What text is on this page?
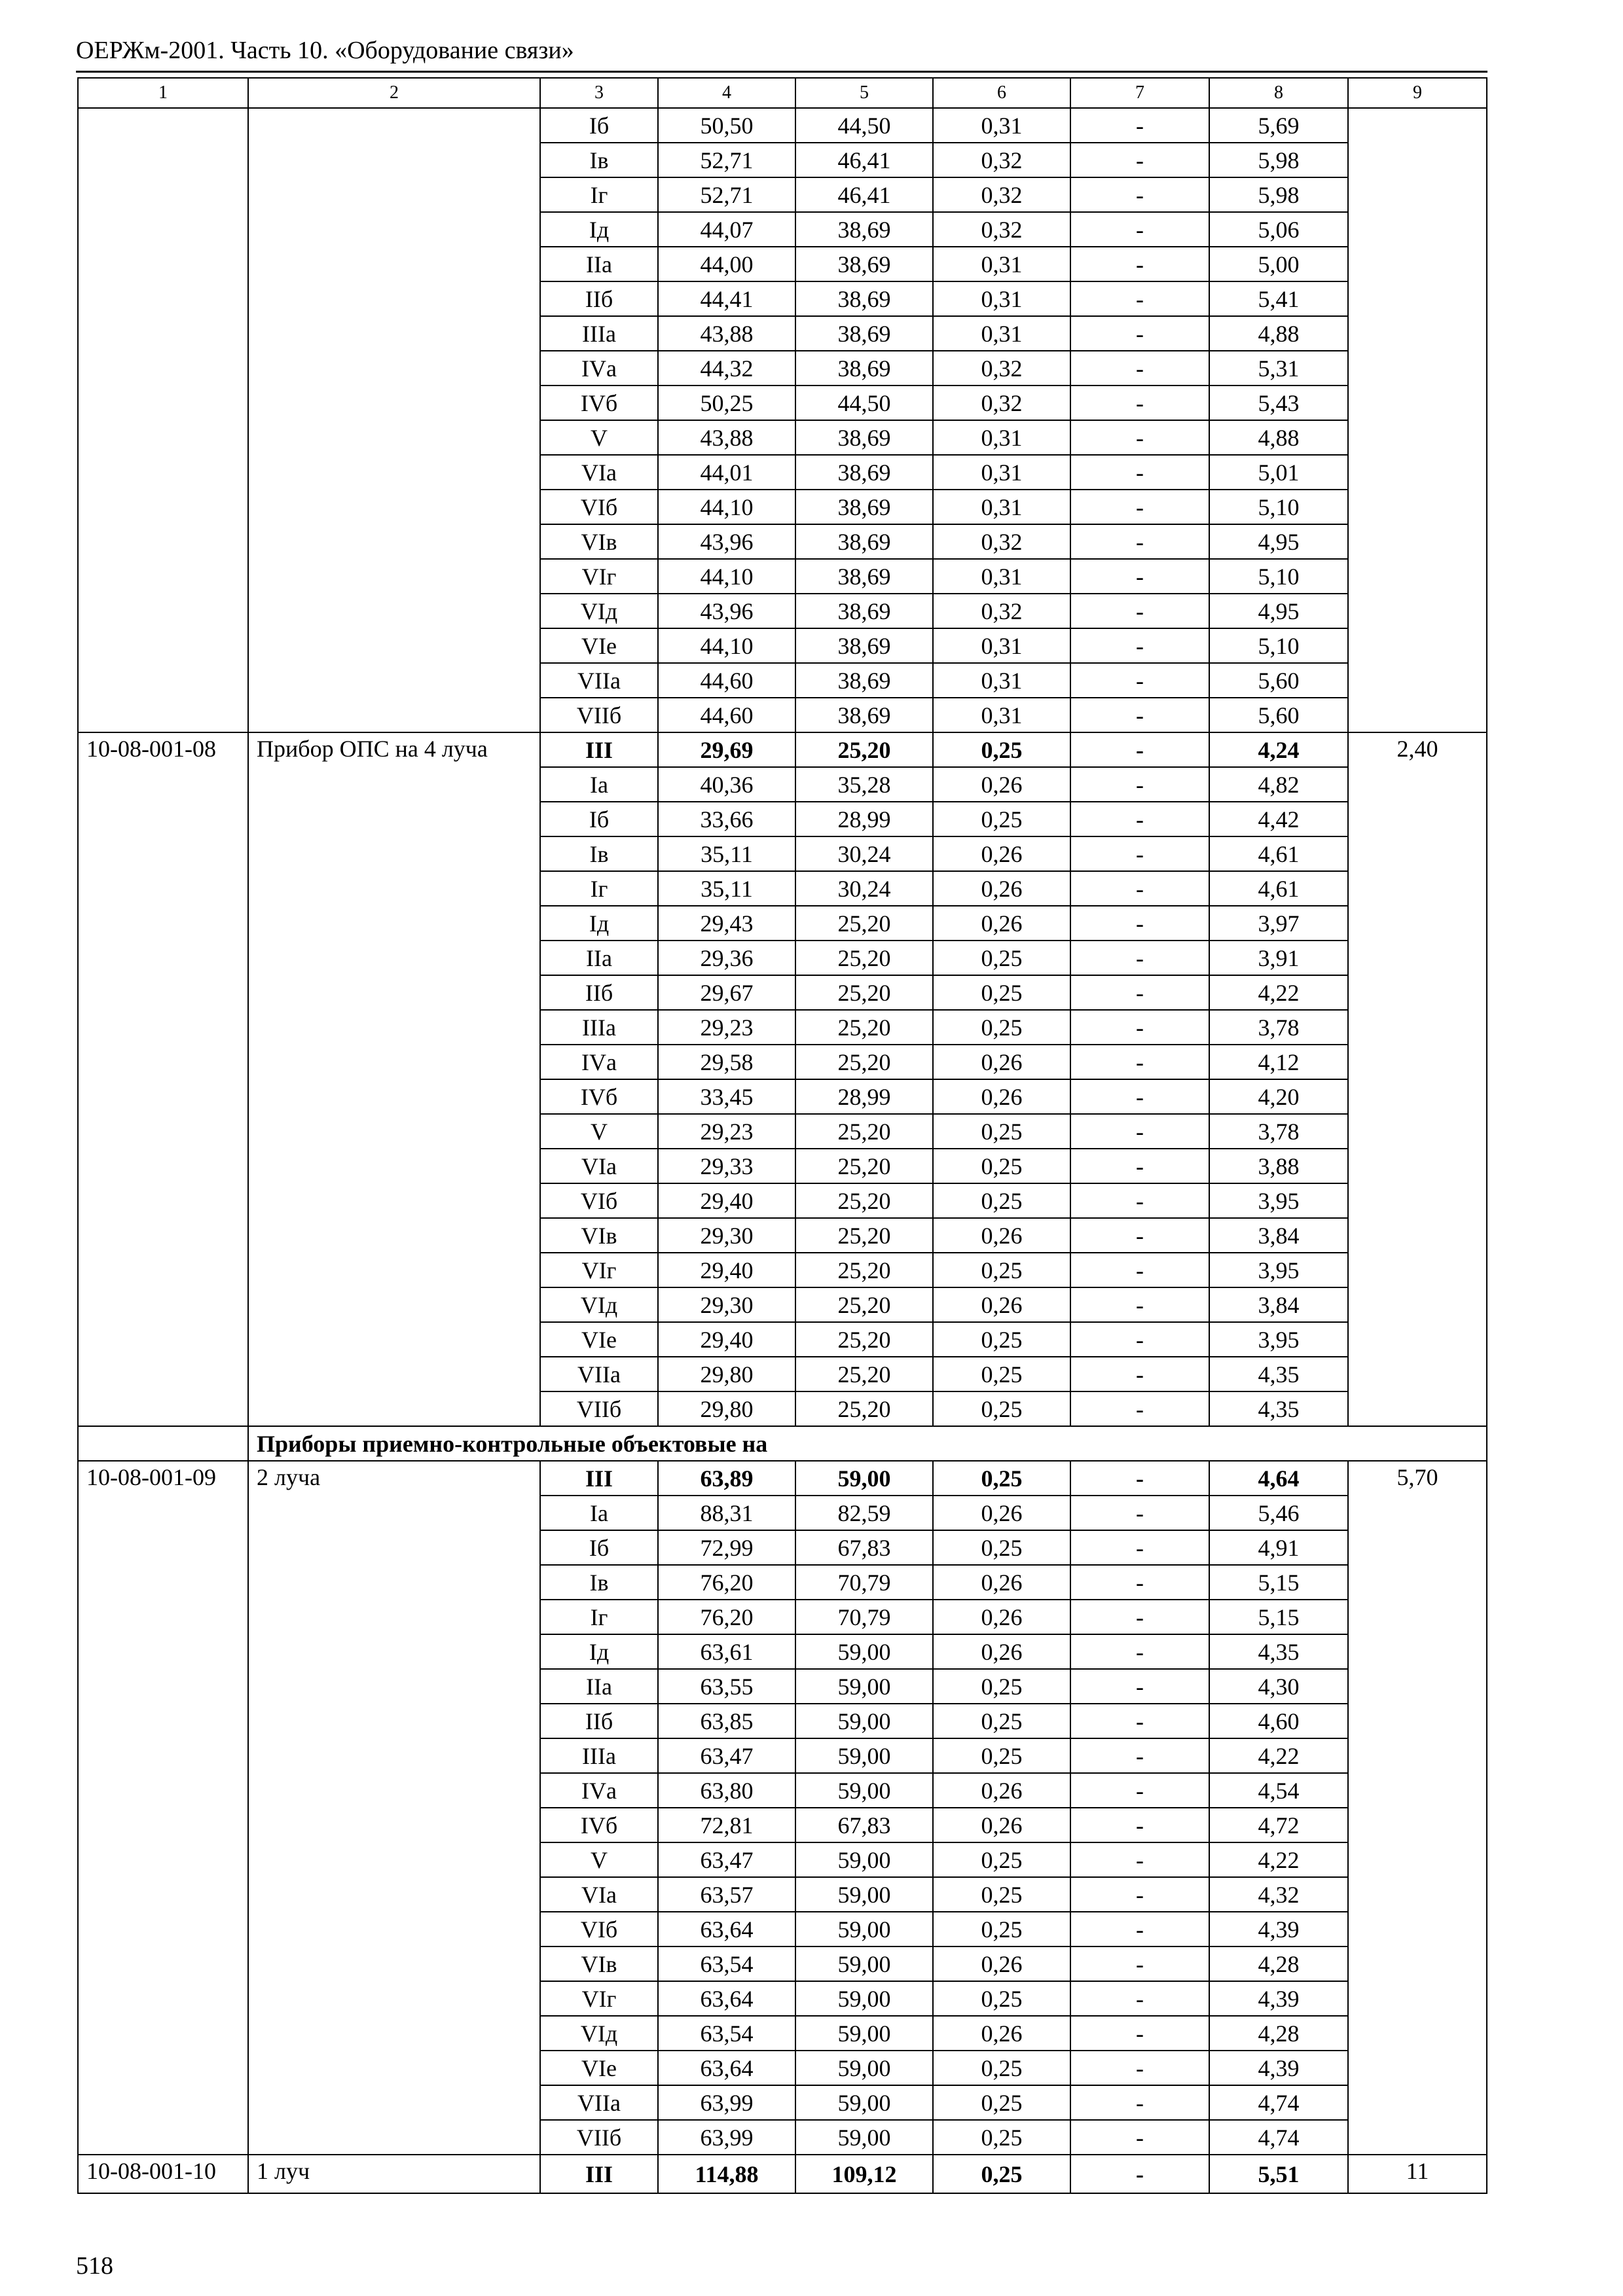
ОЕРЖм-2001. Часть 10. «Оборудование связи»
1	2	3	4	5	6	7	8	9
		Iб	50,50	44,50	0,31	-	5,69	
		Iв	52,71	46,41	0,32	-	5,98	
		Iг	52,71	46,41	0,32	-	5,98	
		Iд	44,07	38,69	0,32	-	5,06	
		IIа	44,00	38,69	0,31	-	5,00	
		IIб	44,41	38,69	0,31	-	5,41	
		IIIа	43,88	38,69	0,31	-	4,88	
		IVа	44,32	38,69	0,32	-	5,31	
		IVб	50,25	44,50	0,32	-	5,43	
		V	43,88	38,69	0,31	-	4,88	
		VIа	44,01	38,69	0,31	-	5,01	
		VIб	44,10	38,69	0,31	-	5,10	
		VIв	43,96	38,69	0,32	-	4,95	
		VIг	44,10	38,69	0,31	-	5,10	
		VIд	43,96	38,69	0,32	-	4,95	
		VIе	44,10	38,69	0,31	-	5,10	
		VIIа	44,60	38,69	0,31	-	5,60	
		VIIб	44,60	38,69	0,31	-	5,60	
10-08-001-08	Прибор ОПС на 4 луча	III	29,69	25,20	0,25	-	4,24	2,40
		Iа	40,36	35,28	0,26	-	4,82	
		Iб	33,66	28,99	0,25	-	4,42	
		Iв	35,11	30,24	0,26	-	4,61	
		Iг	35,11	30,24	0,26	-	4,61	
		Iд	29,43	25,20	0,26	-	3,97	
		IIа	29,36	25,20	0,25	-	3,91	
		IIб	29,67	25,20	0,25	-	4,22	
		IIIа	29,23	25,20	0,25	-	3,78	
		IVа	29,58	25,20	0,26	-	4,12	
		IVб	33,45	28,99	0,26	-	4,20	
		V	29,23	25,20	0,25	-	3,78	
		VIа	29,33	25,20	0,25	-	3,88	
		VIб	29,40	25,20	0,25	-	3,95	
		VIв	29,30	25,20	0,26	-	3,84	
		VIг	29,40	25,20	0,25	-	3,95	
		VIд	29,30	25,20	0,26	-	3,84	
		VIе	29,40	25,20	0,25	-	3,95	
		VIIа	29,80	25,20	0,25	-	4,35	
		VIIб	29,80	25,20	0,25	-	4,35	
	Приборы приемно-контрольные объектовые на							
10-08-001-09	2 луча	III	63,89	59,00	0,25	-	4,64	5,70
		Iа	88,31	82,59	0,26	-	5,46	
		Iб	72,99	67,83	0,25	-	4,91	
		Iв	76,20	70,79	0,26	-	5,15	
		Iг	76,20	70,79	0,26	-	5,15	
		Iд	63,61	59,00	0,26	-	4,35	
		IIа	63,55	59,00	0,25	-	4,30	
		IIб	63,85	59,00	0,25	-	4,60	
		IIIа	63,47	59,00	0,25	-	4,22	
		IVа	63,80	59,00	0,26	-	4,54	
		IVб	72,81	67,83	0,26	-	4,72	
		V	63,47	59,00	0,25	-	4,22	
		VIа	63,57	59,00	0,25	-	4,32	
		VIб	63,64	59,00	0,25	-	4,39	
		VIв	63,54	59,00	0,26	-	4,28	
		VIг	63,64	59,00	0,25	-	4,39	
		VIд	63,54	59,00	0,26	-	4,28	
		VIе	63,64	59,00	0,25	-	4,39	
		VIIа	63,99	59,00	0,25	-	4,74	
		VIIб	63,99	59,00	0,25	-	4,74	
10-08-001-10	1 луч	III	114,88	109,12	0,25	-	5,51	11
518
